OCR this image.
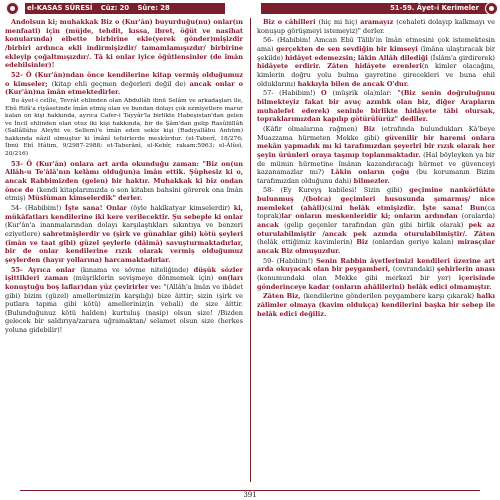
el-KASAS SÛRESİ Cüz: 20 Sûre: 28	51-59. Âyet-i Kerimeler

Andolsun ki; muhakkak Biz o (Kur'ân) buyurduğu(nu) onlar(ın menfaati) için (müjde, tehdit, kıssa, ibret, öğüt ve nasihat konularında) elbette birbirine ekle(yerek gönder)mişizdir /birbiri ardınca ekli indirmişizdir/ tamamlamışızdır/ birbirine ekleyip çoğaltmışızdır/. Tâ ki onlar iyice öğütlensinler (de îmân edebilsinler)!

52- Ö (Kur'ân)ndan önce kendilerine kitap vermiş olduğumuz o kimseler; (kitap ehli geçmen değerleri değil de) ancak onlar o (Kur'ân)na îmân etmektedirler.

Bu âyet-i celîle, Tevrât ehlinden olan Abdullâh ibnü Selâm ve arkadaşları ile, Ebû Rifâ'a riyâsetinde îmân etmiş olan ve bundan dolayı çok ezmiyetlere marur kalan on kişi hakkında, ayrıca Cafer-i Tayyâr'la birlikte Habeşistan'dan gelen ve İncil ehlinden olan otuz iki kişi hakkında, bir de Şâm'dan gelip Rasûlüllâh (Sallâllâhu Aleyhi ve Sellem)'e îmân eden sekiz kişi (Radıyallâhu Anhüm) hakkında nâzil olmuştur ki îmânî tefsirlerde meskûrdur. (et-Taberî, 18/276; İbnü Ebî Hâtim, 9/2987-2988; et-Taberânî, el-Kebîr, rakam:5963; el-Âlûsî, 20/216)

53- Ö (Kur'ân) onlara art arda okunduğu zaman: "Biz on(un Allâh-u Te'âlâ'nın kelâmı olduğun)a îmân ettik. Şüphesiz ki o, ancak Rabbimizden (gelen) bir haktır. Muhakkak ki biz ondan önce de (kendi kitaplarımızda o son kitabın bahsini görerek ona îmân etmiş) Müslüman kimselerdik" derler.

54- (Habibim!) İşte sana! Onlar (öyle hakîkatyar kimselerdir) ki, mükâfatları kendilerine iki kere verilecektir. Şu sebeple ki onlar (Kur'ân'a inanmalarından dolayı karşılaştıkları sıkıntıya ve benzeri eziyetlere) sabretmişlerdir ve (şirk ve günahlar gibi) kötü şeyleri (îmân ve taat gibi) güzel şeylerle (dâimâ) savuşturmaktadırlar, bir de onlar kendilerine rızık olarak vermiş olduğumuz şeylerden (hayır yollarına) harcamaktadırlar.

55- Ayrıca onlar (kınama ve sövme niteliğinde) düşük sözler işittikleri zaman (müşriklerin sevişmeye dönmemek için) on(ları konuştuğu boş laflar)dan yüz çevirirler ve: "(Allâh'a îmân ve ibâdet gibi) bizim (güzel) amellerimiz(in karşılığı) bize âittir; sizin (şirk ve putlara tapma gibi kötü) amelleriniz(in vebali) de size âittir. (Bulunduğunuz kötü halden) kurtuluş (nasip) olsun size! /Bizden gelecek bir saldırıya/zarara uğramaktan/ selamet olsun size (herkes yoluna gidebilir)!

Biz o câhilleri (hiç mi hiç) aramayız (cehaleti dolayıp kalkmayı ve konuşup görüşmeyi istemeyiz)" derler.

56- (Habibim! Amcan Ebû Tâlib'in îmân etmesini çok istemektesin ama) gerçekten de sen sevdiğin bir kimseyi (îmâna ulaştıracak bir şekilde) hidâyet edemezsin; lâkin Allâh dilediği (İslâm'a girdirerek) hidâyete erdirir. Zâten hidâyete erenleri(n kimler olacağını, kimlerin doğru yolu bulma gayretine girecekleri ve buna ehil olduklarını) hakkıyla bilen de ancak O'dur.

57- (Habibim!) O (müşrik ola)nlar: "(Biz senin doğruluğunu bilmekteyiz fakat bir avuç azınlık olan biz, diğer Arapların muhalefet ederek) seninle birlikte hidâyete tâbi olursak, topraklarımızdan kapılıp götürülürüz" dediler.

(Kâfir olmalarına rağmen) Biz (etrafında bulundukları Kâ'beye Muazzama hürmeten Mekke gibi) güvenilir bir haremi onlara mekân yapmadık mı ki tarafımızdan şeyerlri bir rızık olarak her şeyin ürünleri oraya taşınıp toplanmaktadır. (Hal böyleyken ya bir de mümin hürmetine îmânın kazandıracağı hürmet ve güvenceyi kazanamazlar mı?) Lâkin onların çoğu (bu korumanın Bizim tarafımızdan olduğunu dahi) bilmezler.

58- (Ey Kureyş kabilesi! Sizin gibi) geçimine nankörlükte bulunmuş /(bolca) geçimleri hususunda şımarmış/ nice memleket (ahâli)(si)ni helâk etmişizdir. İşte sana! Bun(ca toprak)lar onların meskenleridir ki; onların ardından (oralarda) ancak (gelip geçenler tarafından gün gibi birlik olarak) pek az oturulabilmiştir /ancak pek azında oturulabilmiştir/. Zâten (helâk ettiğimiz kavimlerin) Biz (onlardan geriye kalan) mirasçılar ancak Biz olmuşuzdur.

59- (Habibim!) Senin Rabbin âyetlerimizi kendileri üzerine art arda okuyacak olan bir peygamberi, (cevrandaki) şehirlerin anası (konumundaki olan Mekke gibi merkezî bir yer) içerisinde gönderinceye kadar (onların ahâlilerini) helâk edici olmamıştır.

Zâten Biz, (kendilerine gönderilen peygambere karşı çıkarak) halkı zâlimler olmaya (kavim oldukça) kendilerini başka bir sebep ile helâk edici değiliz.

391
